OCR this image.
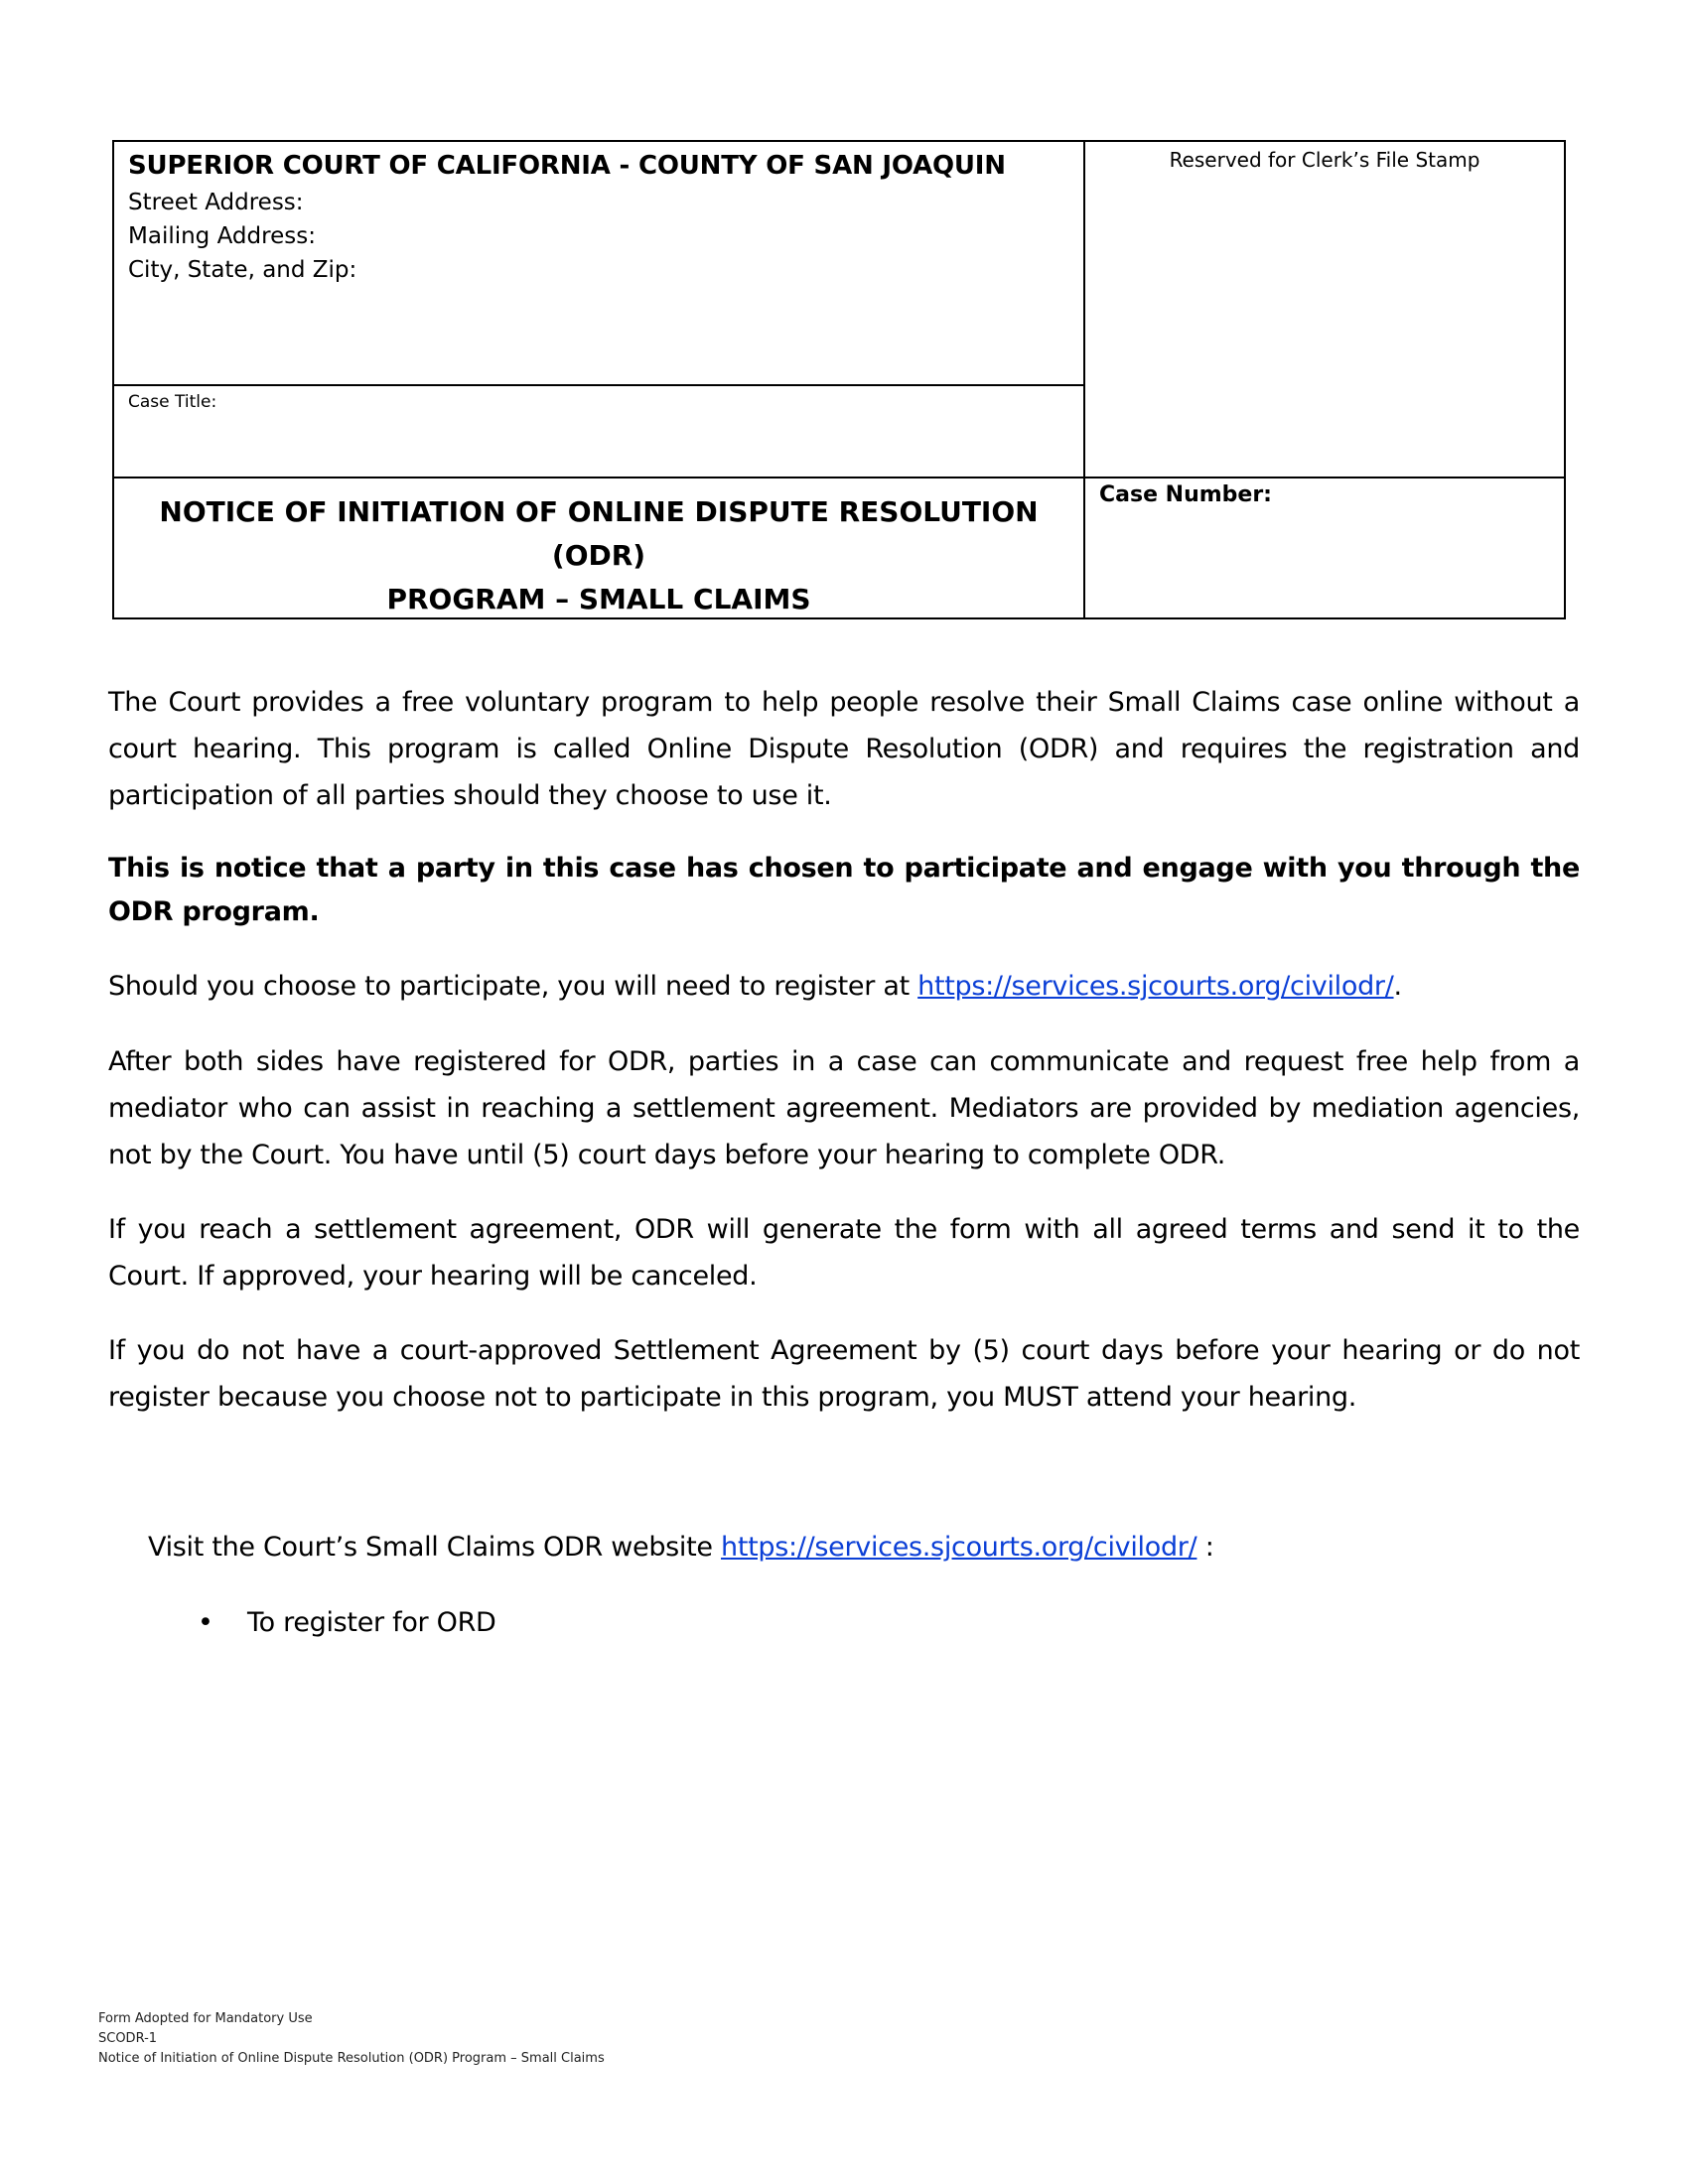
SUPERIOR COURT OF CALIFORNIA - COUNTY OF SAN JOAQUIN
Street Address:
Mailing Address:
City, State, and Zip:
Reserved for Clerk’s File Stamp
Case Title:
NOTICE OF INITIATION OF ONLINE DISPUTE RESOLUTION (ODR)
PROGRAM – SMALL CLAIMS
Case Number:

The Court provides a free voluntary program to help people resolve their Small Claims case online without a court hearing. This program is called Online Dispute Resolution (ODR) and requires the registration and participation of all parties should they choose to use it.

This is notice that a party in this case has chosen to participate and engage with you through the ODR program.

Should you choose to participate, you will need to register at https://services.sjcourts.org/civilodr/.

After both sides have registered for ODR, parties in a case can communicate and request free help from a mediator who can assist in reaching a settlement agreement. Mediators are provided by mediation agencies, not by the Court. You have until (5) court days before your hearing to complete ODR.

If you reach a settlement agreement, ODR will generate the form with all agreed terms and send it to the Court. If approved, your hearing will be canceled.

If you do not have a court-approved Settlement Agreement by (5) court days before your hearing or do not register because you choose not to participate in this program, you MUST attend your hearing.

Visit the Court’s Small Claims ODR website https://services.sjcourts.org/civilodr/ :
• To register for ORD
Form Adopted for Mandatory Use
SCODR-1
Notice of Initiation of Online Dispute Resolution (ODR) Program – Small Claims
